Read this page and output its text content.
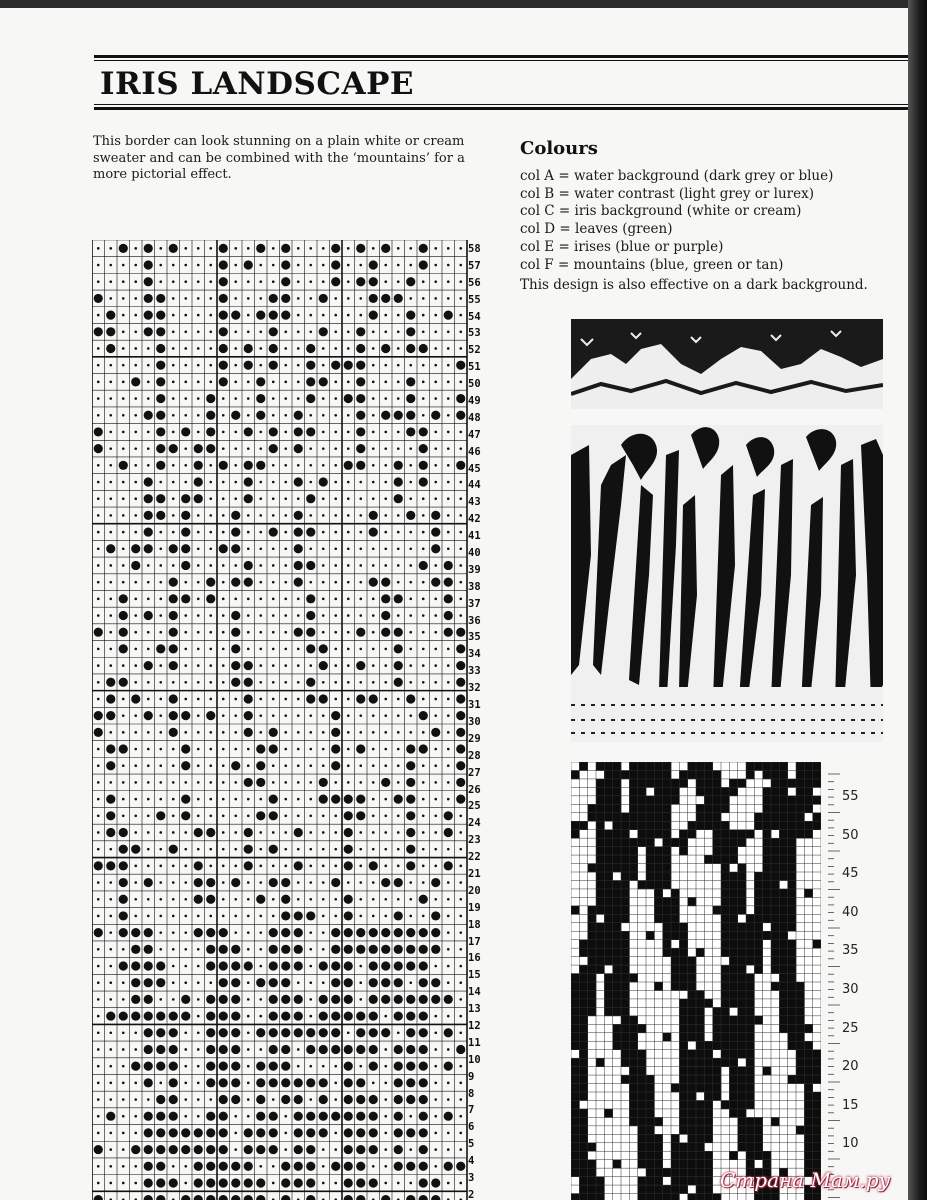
IRIS LANDSCAPE

This border can look stunning on a plain white or cream sweater and can be combined with the ‘mountains’ for a more pictorial effect.

Colours
col A = water background (dark grey or blue)
col B = water contrast (light grey or lurex)
col C = iris background (white or cream)
col D = leaves (green)
col E = irises (blue or purple)
col F = mountains (blue, green or tan)

This design is also effective on a dark background.

58
57
56
55
54
53
52
51
50
49
48
47
46
45
44
43
42
41
40
39
38
37
36
35
34
33
32
31
30
29
28
27
26
25
24
23
22
21
20
19
18
17
16
15
14
13
12
11
10
9
8
7
6
5
4
3
2
55
50
45
40
35
30
25
20
15
10

Страна Мам.ру
